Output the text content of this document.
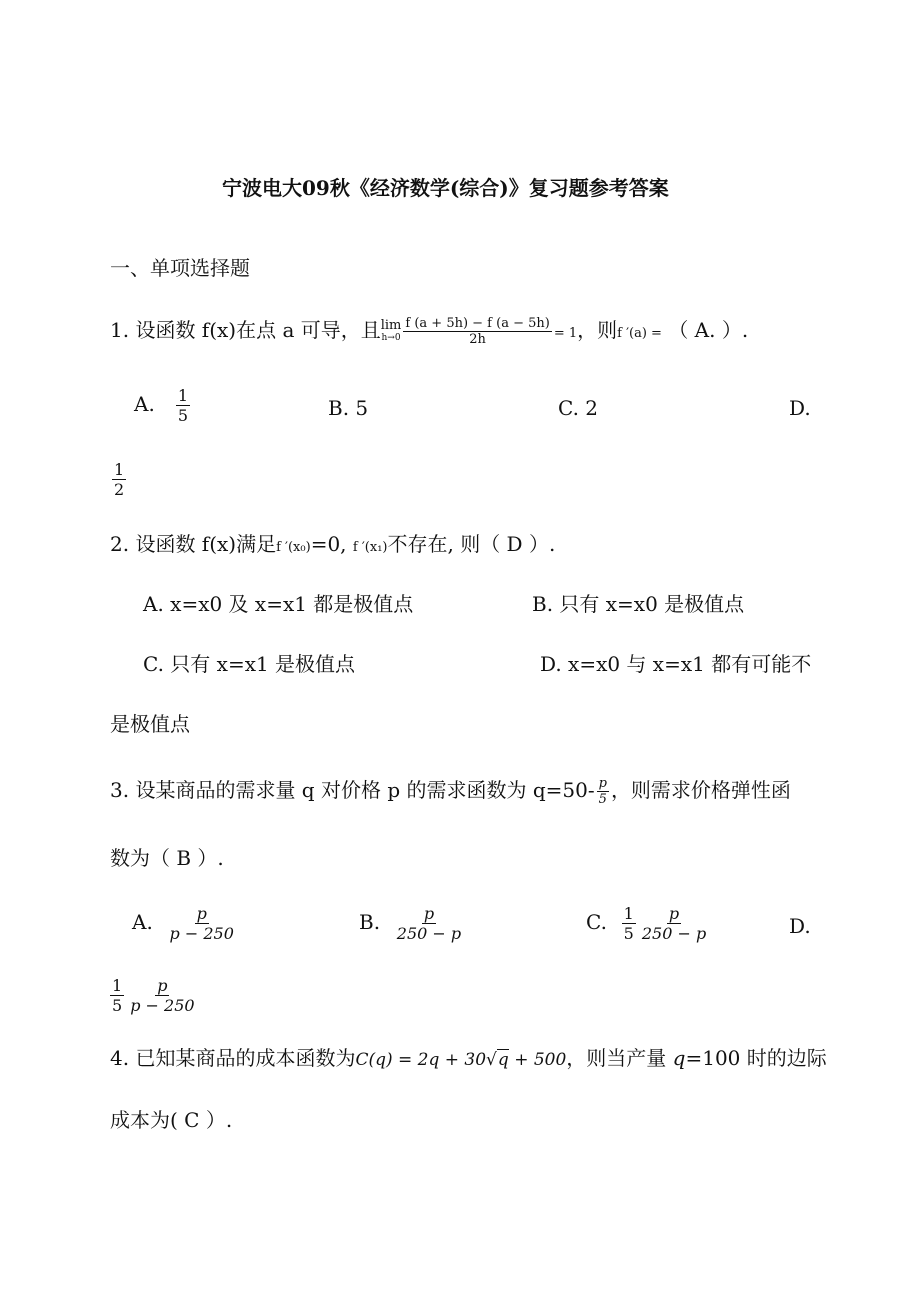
宁波电大09秋《经济数学(综合)》复习题参考答案
一、单项选择题
1. 设函数 f(x)在点 a 可导，且 lim
$h\to 0 \frac{f (a + 5h) - f (a - 5h)}{2h} = 1$，则f ′(a) = （ A. ）.
A. $\frac{1}{5}$	B. 5	C. 2	D.
$\frac{1}{2}$
2. 设函数 f(x)满足f ′(x₀)=0, f ′(x₁)不存在, 则（ D ）.
A. x=x0 及 x=x1 都是极值点	B. 只有 x=x0 是极值点
C. 只有 x=x1 是极值点	D. x=x0 与 x=x1 都有可能不
是极值点
3. 设某商品的需求量 q 对价格 p 的需求函数为 $q=50- \frac{p}{5}$ ，则需求价格弹性函
数为（ B ）.
A. $\frac{p}{p - 250}$	B. $\frac{p}{250 - p}$	C. $\frac{1}{5} \frac{p}{250 - p}$	D.
$\frac{1}{5} \frac{p}{p - 250}$
4. 已知某商品的成本函数为C(q) = 2q + 30√q + 500，则当产量 q=100 时的边际
成本为( C ）.
